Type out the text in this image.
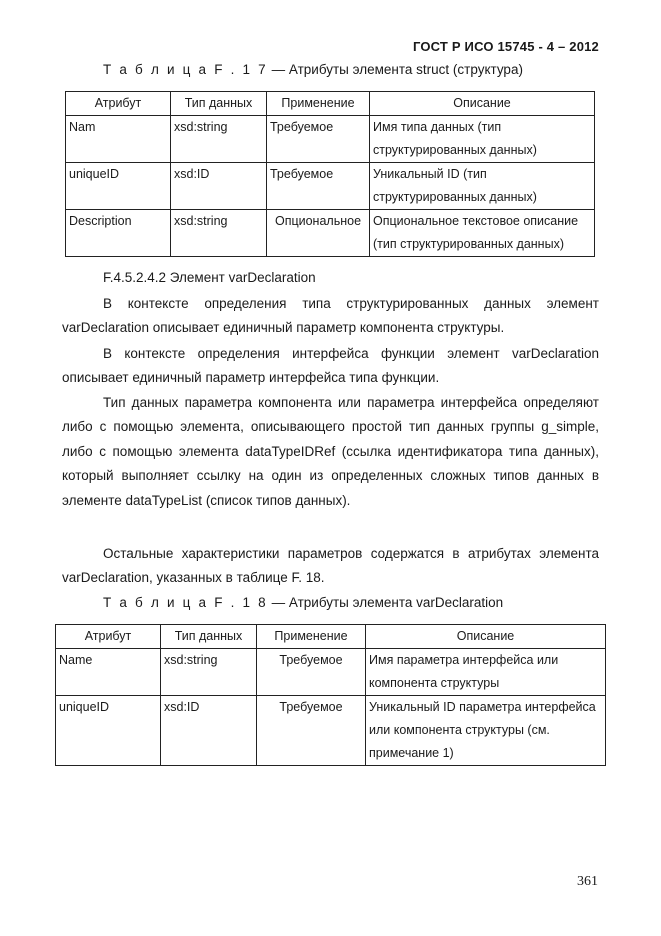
ГОСТ Р ИСО 15745 - 4 – 2012
Т а б л и ц а F . 1 7 — Атрибуты элемента struct (структура)
Атрибут	Тип данных	Применение	Описание
Nam	xsd:string	Требуемое	Имя типа данных (тип структурированных данных)
uniqueID	xsd:ID	Требуемое	Уникальный ID (тип структурированных данных)
Description	xsd:string	Опциональное	Опциональное текстовое описание (тип структурированных данных)
F.4.5.2.4.2 Элемент varDeclaration
В контексте определения типа структурированных данных элемент varDeclaration описывает единичный параметр компонента структуры.
В контексте определения интерфейса функции элемент varDeclaration описывает единичный параметр интерфейса типа функции.
Тип данных параметра компонента или параметра интерфейса определяют либо с помощью элемента, описывающего простой тип данных группы g_simple, либо с помощью элемента dataTypeIDRef (ссылка идентификатора типа данных), который выполняет ссылку на один из определенных сложных типов данных в элементе dataTypeList (список типов данных).
Остальные характеристики параметров содержатся в атрибутах элемента varDeclaration, указанных в таблице F. 18.
Т а б л и ц а F . 1 8 — Атрибуты элемента varDeclaration
Атрибут	Тип данных	Применение	Описание
Name	xsd:string	Требуемое	Имя параметра интерфейса или компонента структуры
uniqueID	xsd:ID	Требуемое	Уникальный ID параметра интерфейса или компонента структуры (см. примечание 1)
361
